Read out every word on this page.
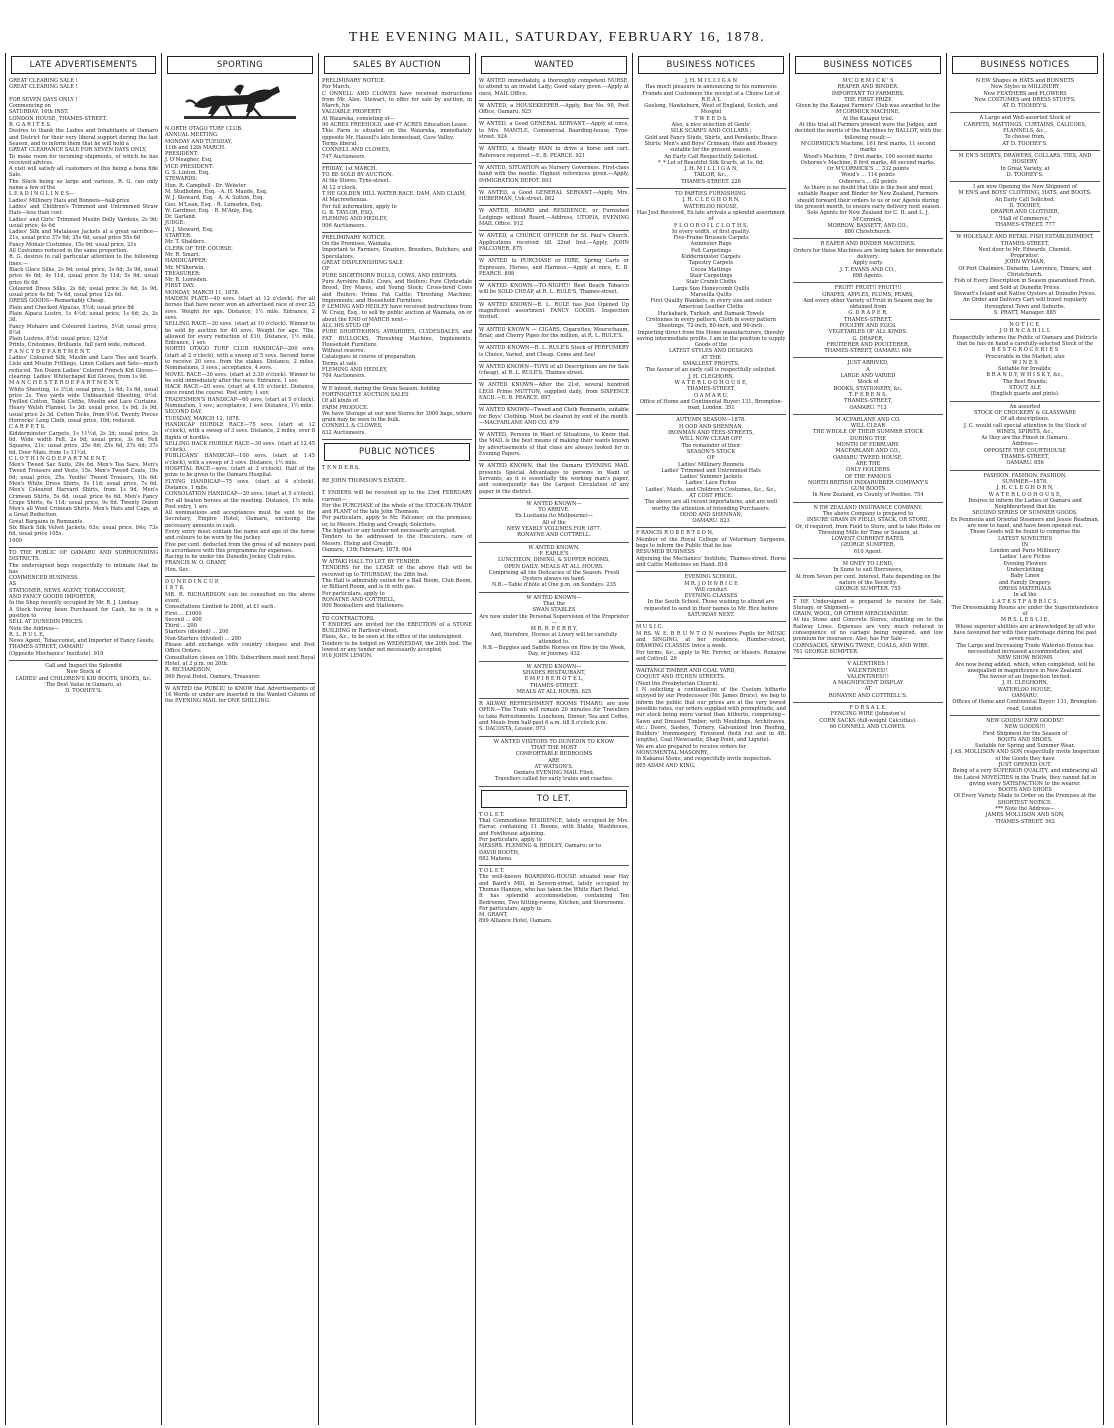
THE EVENING MAIL, SATURDAY, FEBRUARY 16, 1878.
LATE ADVERTISEMENTS
GREAT CLEARING SALE !
GREAT CLEARING SALE !

FOR SEVEN DAYS ONLY !
Commencing on
SATURDAY, 16th INST.
LONDON HOUSE, THAMES-STREET.
R. G A R I T E S
Desires to thank the Ladies and Inhabitants of Oamaru and District for their very liberal support during the last Season, and to inform them that he will hold a
GREAT CLEARANCE SALE FOR SEVEN DAYS ONLY,
To make room for incoming shipments, of which he has received advices.
A visit will satisfy all customers of this being a bona fide Sale.
The Stock being so large and various, R. G. can only name a few of the
L E A D I N G L I N E S—
Ladies' Millinery Hats and Bonnets—half-price
Ladies' and Children's Trimmed and Untrimmed Straw Hats—less than cost
Ladies' and Girls' Trimmed Muslin Dolly Vardens, 2s 9d; usual price, 4s 6d
Ladies' Silk and Matalasse Jackets at a great sacrifice—21s, usual price 37s 6d; 35s 6d, usual price 55s 6d
Fancy Mohair Costumes, 15s 9d; usual price, 21s
All Costumes reduced in the same proportion.
R. G. desires to call particular attention to the following lines:—
Black Glace Silks, 2s 9d; usual price, 3s 6d; 3s 9d, usual price 4s 6d; 4s 11d, usual price 5s 11d; 5s 9d, usual price 6s 6d
Coloured Dress Silks, 2s 6d; usual price 3s 6d; 3s 9d, usual price 4s 6d; 7s 6d, usual price 12s 6d.
DRESS GOODS—Remarkably Cheap.
Plain and Checked Alpacas, 5½d; usual price 8d
Plain Alpaca Lustre, 1s 4½d; usual price, 1s 6d; 2s, 2s 3d.
Fancy Mohairs and Coloured Lustres, 5½d; usual price, 8½d
Plain Lustres, 8½d; usual price, 12½d
Prints, Cretonnes, Brilliants, full yard wide, reduced.
F A N C Y D E P A R T M E N T.
Ladies' Coloured Silk, Muslin and Lace Ties and Scarfs. Lisle and Muslin Frillings, Linen Collars and Sets—much reduced. Ten Dozen Ladies' Colored French Kid Gloves—clearing. Ladies' Whitechapel Kid Gloves, from 1s 9d.
M A N C H E S T E R D E P A R T M E N T.
White Sheeting, 1s 3½d; usual price, 1s 6d; 1s 6d, usual price 2s. Two yards wide Unbleached Sheeting, 9½d. Twilled Cotton, Table Cloths, Muslin and Lace Curtains. Heavy Welsh Flannel, 1s 3d; usual price, 1s 9d; 1s 9d, usual price 2s 3d. Cotton Ticks, from 9½d. Twenty Pieces Horrocks' Long Cloth, usual price, 10d; reduced.
C A R P E T S.
Kidderminster Carpets, 1s 11½d, 2s 3d; usual price, 2s 6d. Wide width Felt, 2s 9d; usual price, 3s 6d. Felt Squares, 21s; usual price, 25s 6d; 25s 6d, 27s 6d; 37s 6d. Door Mats, from 1s 11½d.
C L O T H I N G D E P A R T M E N T.
Men's Tweed Sac Suits, 29s 6d. Men's Tea Sacs. Men's Tweed Trousers and Vests, 15s. Men's Tweed Coats, 19s 6d; usual price, 25s. Youths' Tweed Trousers, 10s 6d. Men's White Dress Shirts, 5s 11d; usual price, 7s 6d. Men's Coloured Harvard Shirts, from 1s 9d. Men's Crimean Shirts, 5s 6d, usual price 6s 6d. Men's Fancy Crape Shirts, 6s 11d; usual price, 9s 6d. Twenty Dozen Men's all Wool Crimean Shirts. Men's Hats and Caps, at a Great Reduction.
Great Bargains in Remnants.
Six Black Silk Velvet Jackets, 63s; usual price, 84s; 73s 6d, usual price 105s.
1000
TO THE PUBLIC OF OAMARU AND SURROUNDING DISTRICTS.
The undersigned begs respectfully to intimate that he has
COMMENCED BUSINESS
AS
STATIONER, NEWS AGENT, TOBACCONIST,
AND FANCY GOODS IMPORTER,
In the Shop recently occupied by Mr. R. J. Lindsay.
A Stock having been Purchased for Cash, he is in a position to
SELL AT DUNEDIN PRICES.
Note the Address—
R. L. R U L E,
News Agent, Tobacconist, and Importer of Fancy Goods,
THAMES-STREET, OAMARU
(Opposite Mechanics' Institute). 919
Call and Inspect the Splendid
New Stock of
LADIES' and CHILDREN'S KID BOOTS, SHOES, &c.
The Best Value in Oamaru, at
D. TOOHEY'S.
SPORTING
N ORTH OTAGO TURF CLUB.
ANNUAL MEETING.
MONDAY AND TUESDAY,
11th and 12th MARCH.
PRESIDENT:
J. O'Meagher, Esq.
VICE-PRESIDENT:
G. S. Linton, Esq.
STEWARDS:
Hon. R. Campbell · Dr. Webster
M. Studholme, Esq. · A. H. Maude, Esq.
W. J. Steward, Esq. · A. A. Sutton, Esq.
Geo. M'Lean, Esq. · R. Lumsden, Esq.
W. Gardiner, Esq. · R. M'Anly, Esq.
Dr. Garland.
JUDGE:
W. J. Steward, Esq.
STARTER:
Mr. T. Shalders.
CLERK OF THE COURSE:
Mr. R. Smart.
HANDICAPPER:
Mr. M'Sherwin.
TREASURER:
Mr. R. Lumsden.
FIRST DAY.
MONDAY, MARCH 11, 1878.
MAIDEN PLATE—40 sovs. (start at 12 o'clock). For all horses that have never won an advertised race of over 25 sovs. Weight for age. Distance, 1½ mile. Entrance, 2 sovs.
SELLING RACE—30 sovs. (start at 10 o'clock). Winner to be sold by auction for 40 sovs. Weight for age. 7lbs. allowed for every reduction of £10. Distance, 1½ mile. Entrance, 1 sov.
NORTH OTAGO TURF CLUB HANDICAP—200 sovs. (start at 2 o'clock), with a sweep of 5 sovs. Second horse to receive 20 sovs. from the stakes. Distance, 2 miles. Nominations, 3 sovs.; acceptance, 4 sovs.
NOVEL RACE—30 sovs. (start at 3.30 o'clock). Winner to be sold immediately after the race. Entrance, 1 sov.
HACK RACE—20 sovs. (start at 4.15 o'clock). Distance, once round the course. Post entry, 1 sov.
TRADESMEN'S HANDICAP—60 sovs. (start at 5 o'clock). Nomination, 1 sov.; acceptance, 1 sov. Distance, 1½ mile.
SECOND DAY.
TUESDAY, MARCH 12, 1878.
HANDICAP HURDLE RACE—75 sovs. (start at 12 o'clock), with a sweep of 3 sovs. Distance, 2 miles, over 8 flights of hurdles.
SELLING HACK HURDLE RACE—30 sovs. (start at 12.45 o'clock).
PUBLICANS' HANDICAP—100 sovs. (start at 1.45 o'clock), with a sweep of 3 sovs. Distance, 1½ mile.
HOSPITAL RACE—sovs. (start at 3 o'clock). Half of the prize to be given to the Oamaru Hospital.
FLYING HANDICAP—75 sovs. (start at 4 o'clock). Distance, 1 mile.
CONSOLATION HANDICAP—30 sovs. (start at 5 o'clock). For all beaten horses at the meeting. Distance, 1½ mile. Post entry, 1 sov.
All nominations and acceptances must be sent to the Secretary, Empire Hotel, Oamaru, enclosing the necessary amounts in cash.
Every entry must contain the name and age of the horse and colours to be worn by the jockey.
Five per cent. deducted from the gross of all moneys paid in accordance with this programme for expenses.
Racing to be under the Dunedin Jockey Club rules.
FRANCIS W. O. GRANT,
Hon. Sec.
D U N E D I N C U P.
1 8 7 8.
MR. R. RICHARDSON can be consulted on the above event.
Consultations Limited to 2000, at £1 each.
First ... £1000
Second ... 400
Third ... 200
Starters (divided) ... 200
Non-Starters (divided) ... 200
Please add exchange with country cheques and Post Office Orders.
Consultation closes on 19th. Subscribers meet next Royal Hotel, at 2 p.m. on 20th.
R. RICHARDSON,
560 Royal Hotel, Oamaru, Treasurer.
W ANTED the PUBLIC to KNOW that Advertisements of 16 Words or under are inserted in the Wanted Column of the EVENING MAIL for ONE SHILLING.
SALES BY AUCTION
PRELIMINARY NOTICE.
For March.
C ONNELL AND CLOWES have received instructions from Mr. Alex. Stewart, to offer for sale by auction, in March, his
VALUABLE PROPERTY
At Waiareka, consisting of—
90 ACRES FREEHOLD, and 47 ACRES Education Lease.
This Farm is situated on the Waiareka, immediately opposite Mr. Hassell's late homestead, Cave Valley.
Terms liberal.
CONNELL AND CLOWES,
747 Auctioneers.
FRIDAY, 1st MARCH.
TO BE SOLD BY AUCTION.
At the Stores, Tyne-street.
At 12 o'clock.
T HE GOLDEN HILL WATER-RACE, DAM, AND CLAIM,
At Macrewhenua.
For full information, apply to
G. B. TAYLOR, ESQ.
FLEMING AND HEDLEY,
906 Auctioneers.
PRELIMINARY NOTICE.
On the Premises, Waimata.
Important to Farmers, Graziers, Breeders, Butchers, and Speculators.
GREAT DISPLENISHING SALE
OF
PURE SHORTHORN BULLS, COWS, AND HEIFERS.
Pure Ayrshire Bulls, Cows, and Heifers; Pure Clydesdale Brood, Dry Mares, and Young Stock; Cross-bred Cows and Heifers; Prime Fat Cattle; Threshing Machine; Implements; and Household Furniture.
F LEMING AND HEDLEY have received instructions from W. Craig, Esq., to sell by public auction at Waimata, on or about the END of MARCH next—
ALL HIS STUD OF
PURE SHORTHORNS, AYRSHIRES, CLYDESDALES, and FAT BULLOCKS, Threshing Machine, Implements, Household Furniture.
Without reserve.
Catalogues in course of preparation.
Terms at sale.
FLEMING AND HEDLEY,
704 Auctioneers.
W E intend, during the Grain Season, holding
FORTNIGHTLY AUCTION SALES
Of all kinds of
FARM PRODUCE.
We have Storage at our new Stores for 3000 bags, where grain may be seen in the bulk.
CONNELL & CLOWES,
832 Auctioneers.
PUBLIC NOTICES
T E N D E R S.

RE JOHN THOMSON'S ESTATE.

T ENDERS will be received up to the 23rd FEBRUARY current—
For the PURCHASE of the whole of the STOCK-IN-TRADE and PLANT of the late John Thomson.
For particulars, apply to Mr. Falconer, on the premises; or, to Messrs. Hislop and Creagh, Solicitors.
The highest or any tender not necessarily accepted.
Tenders to be addressed to the Executors, care of Messrs. Hislop and Creagh.
Oamaru, 13th February, 1878. 904
W AITAKI HALL TO LET, BY TENDER.
TENDERS for the LEASE of the above Hall will be received up to THURSDAY, the 28th Inst.
The Hall is admirably suited for a Ball Room, Club Room, or Billiard Room, and is lit with gas.
For particulars, apply to
RONAYNE AND COTTRELL,
900 Booksellers and Stationers.
TO CONTRACTORS.
T ENDERS are invited for the ERECTION of a STONE BUILDING in Harbour-street.
Plans, &c., to be seen at the office of the undersigned.
Tenders to be lodged on WEDNESDAY, the 20th Inst. The lowest or any tender not necessarily accepted.
916 JOHN LEMON.
WANTED
W ANTED immediately, a thoroughly competent NURSE, to attend to an invalid Lady; Good salary given.—Apply at once, MAIL Office.
W ANTED, a HOUSEKEEPER.—Apply, Box No. 90, Post Office, Oamaru. 925
W ANTED, a Good GENERAL SERVANT.—Apply at once, to Mrs. MANTLE, Commercial Boarding-house, Tyne-street. 924
W ANTED, a Steady MAN to drive a horse and cart. Reference required.—E. B. PEARCE. 921
W ANTED, SITUATION as Nursery Governess. First-class hand with the needle. Highest references given.—Apply, IMMIGRATION DEPOT. 893
W ANTED, a Good GENERAL SERVANT.—Apply, Mrs. HEBERMAN, Usk-street. 862
W ANTED, BOARD and RESIDENCE, or Furnished Lodgings without Board.—Address, UTOPIA, EVENING MAIL Office. 912
W ANTED, a CHURCH OFFICER for St. Paul's Church. Applications received till 22nd Inst.—Apply, JOHN FALCONER. 875
W ANTED to PURCHASE or HIRE, Spring Carts or Expresses, Horses, and Harness.—Apply at once, E. B. PEARCE. 898
W ANTED KNOWN.—TO-NIGHT!! Best Beach Tobacco will be SOLD CHEAP, at R. L. RULE'S, Thames-street.
W ANTED KNOWN—R. L. RULE has Just Opened Up magnificent assortment FANCY GOODS. Inspection Invited.
W ANTED KNOWN — CIGARS, Cigarettes; Meerschaum, Briar, and Cherry Pipes for the million, at R. L. RULE'S.
W ANTED KNOWN—R. L. RULE'S Stock of PERFUMERY is Choice, Varied, and Cheap. Come and See!
W ANTED KNOWN—TOYS of all Descriptions are for Sale (cheap), at R. L. RULE'S, Thames-street.
W ANTED KNOWN—After the 21st, several hundred LEGS Prime MUTTON, supplied daily, from SIXPENCE EACH.—E. B. PEARCE. 897
W ANTED KNOWN—Tweed and Cloth Remnants, suitable for Boys' Clothing. Must be cleared by end of the month.—MACFARLANE AND CO. 879
W ANTED, Persons in Want of Situations, to Know that the MAIL is the best means of making their wants known by advertisements of that class are always looked for in Evening Papers.
W ANTED KNOWN, that the Oamaru EVENING MAIL presents Special Advantages to persons in Want of Servants, as it is essentially the working man's paper, and consequently has the Largest Circulation of any paper in the district.
W ANTED KNOWN—
TO ARRIVE.
Ex Lusitania (to Melbourne)—
All of the
NEW YEARLY VOLUMES FOR 1877.
RONAYNE AND COTTRELL.
W ANTED KNOWN.
F. EARLE'S
LUNCHEON, DINING, & SUPPER ROOMS,
OPEN DAILY. MEALS AT ALL HOURS.
Comprising all the Delicacies of the Season. Fresh Oysters always on hand.
N.B.—Table d'hôte at One p.m. on Sundays. 235
W ANTED KNOWN—
That the
SWAN STABLES
Are now under the Personal Supervision of the Proprietor—
M R. R. P E R R Y,
And, therefore, Horses at Livery will be carefully attended to.
N.B.—Buggies and Saddle Horses on Hire by the Week, Day, or Journey. 432
W ANTED KNOWN—
SHADES RESTAURANT,
E M P I R E H O T E L,
THAMES-STREET.
MEALS AT ALL HOURS. 625
R AILWAY REFRESHMENT ROOMS TIMARU, are now OPEN.—The Train will remain 20 minutes for Travellers to take Refreshments. Luncheon, Dinner, Tea and Coffee, and Meals from half-past 6 a.m. till 8 o'clock p.m.
S. DACOSTA, Lessee. 973
W ANTED VISITORS TO DUNEDIN TO KNOW
THAT THE MOST
COMFORTABLE BEDROOMS
ARE
AT WATSON'S.
Oamaru EVENING MAIL Filed.
Travellers called for early trains and coaches.
TO LET.
T O L E T.
That Commodious RESIDENCE, lately occupied by Mrs. Farrar, containing 11 Rooms, with Stable, Washhouse, and Fowlhouse adjoining.
For particulars, apply to
MESSRS. FLEMING & HEDLEY, Oamaru; or to
DAVID BOOTH,
882 Maheno.
T O L E T.
The well-known BOARDING-HOUSE situated near Hay and Baird's Mill, in Severn-street, lately occupied by Thomas Hannon, who has taken the White Hart Hotel.
It has splendid accommodation; containing Ten Bedrooms, Two Sitting-rooms, Kitchen, and Storerooms.
For particulars, apply to
M. GRANT,
899 Alliance Hotel, Oamaru.
BUSINESS NOTICES
J. H. M I L L I G A N
Has much pleasure in announcing to his numerous Friends and Customers the receipt of a Choice Lot of
R E A L
Geelong, Hawksburn, West of England, Scotch, and Mosgiel
T W E E D S.
Also, a nice selection of Gents'
SILK SCARFS AND COLLARS ;
Gold and Fancy Studs, Shirts, and Pendants; Brace Shirts; Men's and Boys' Crimean; Hats and Hosiery suitable for the present season.
An Early Call Respectfully Solicited.
*_* Lot of Beautiful Silk Scarfs, at 1s. 6d.
J. H. M I L L I G A N,
TAILOR, &c.,
THAMES-STREET. 226
TO PARTIES FURNISHING.
J. H. C L E G H O R N,
WATERLOO HOUSE,
Has Just Received, Ex late arrivals a splendid assortment of
F L O O R O I L C L O T H S,
In every width, of first quality.
Five-Frame Brussels Carpets
Axminster Rugs
Felt Carpetings
Kidderminster Carpets
Tapestry Carpets
Cocoa Mattings
Stair Carpetings
Stair Crumb Cloths
Large Size Honeycomb Quilts
Marseilla Quilts
First Quality Blankets, in every size and colour
American Leather Cloths
Huckaback, Turkish, and Damask Towels
Cretonnes in every pattern, Cloth in every pattern
Sheetings, 72-inch, 80-inch, and 90-inch.
Importing direct from the Home manufacturers, thereby saving intermediate profits, I am in the position to supply Goods of the
LATEST STYLES AND DESIGNS
AT THE
SMALLEST PROFITS.
The favour of an early call is respectfully solicited.
J. H. CLEGHORN,
W A T E R L O O H O U S E,
THAMES-STREET,
O A M A R U.
Office of Home and Continental Buyer: 131, Brompton-road, London. 351
AUTUMN SEASON—1878.
H OOD AND SHENNAN,
IRONMAN AND TEES-STREETS,
WILL NOW CLEAR OFF
The remainder of their
SEASON'S STOCK
OF
Ladies' Millinery Bonnets
Ladies' Trimmed and Untrimmed Hats
Ladies' Summer Jackets
Ladies' Lace Fichus
Ladies', Maids, and Children's Costumes, &c., &c.,
AT COST PRICE.
The above are all recent importations, and are well worthy the attention of Intending Purchasers.
HOOD AND SHENNAN,
OAMARU. 823
F RANCIS R O B E R T S O N,
Member of the Royal College of Veterinary Surgeons, begs to inform the Public that he has
RESUMED BUSINESS
Adjoining the Mechanics' Institute, Thames-street. Horse and Cattle Medicines on Hand. 816
EVENING SCHOOL.
M R. J O H N R I C E
Will conduct
EVENING CLASSES
In the South School. Those wishing to attend are requested to send in their names to Mr. Rice before SATURDAY NEXT.
M U S I C.
M RS. W. E. B R U N T O N receives Pupils for MUSIC and SINGING, at her residence, Humber-street, DRAWING CLASSES twice a week.
For terms, &c., apply to Mr. Ferrier, or Messrs. Ronayne and Cottrell. 29
WAITANGI TIMBER AND COAL YARD,
COQUET AND ITCHEN STREETS.
(Next the Presbyterian Church).
I N soliciting a continuation of the Custom hitherto enjoyed by our Predecessor (Mr. James Bruce), we beg to inform the public that our prices are at the very lowest possible rates, our orders supplied with promptitude, and our stock being more varied than hitherto, comprising—Sawn and Dressed Timber, with Mouldings, Architraves, etc.; Doors, Sashes, Turnery, Galvanized Iron Roofing, Builders' Ironmongery, Firewood (both cut and in 4ft. lengths), Coal (Newcastle, Shag Point, and Lignite).
We are also prepared to receive orders for
MONUMENTAL MASONRY,
In Kakanui Stone, and respectfully invite inspection.
865 ADAM AND KING.
BUSINESS NOTICES
M'C O R M I C K ' S
REAPER AND BINDER.
IMPORTANT TO FARMERS.
THE FIRST PRIZE
Given by the Kaiapoi Farmers' Club was awarded to the
M'CORMICK MACHINE,
At the Kaiapoi trial.
At this trial all Farmers present were the Judges, and decided the merits of the Machines by BALLOT, with the following result:—
M'CORMICK'S Machine, 161 first marks, 11 second marks
Wood's Machine, 7 first marks, 100 second marks
Osborne's Machine, 8 first marks, 46 second marks.
Or M'CORMICK'S ... 332 points
Wood's ... 114 points
Osborne's ... 62 points
As there is no doubt that this is the best and most suitable Reaper and Binder for New Zealand, Farmers should forward their orders to us or our Agents during the present month, to ensure early delivery next season.
Sole Agents for New Zealand for C. H. and L. J. M'Cormick,
MORROW, BASSETT, AND CO.,
880 Christchurch.
R EAPER AND BINDER MACHINES.
Orders for these Machines are being taken for immediate delivery.
Apply early.
J. T. EVANS AND CO.,
698 Agents.
FRUIT! FRUIT!! FRUIT!!!
GRAPES, APPLES, PLUMS, PEARS,
And every other Variety of Fruit in Season may be obtained from
G. D R A P E R,
THAMES-STREET.
POULTRY AND EGGS.
VEGETABLES OF ALL KINDS.
G. DRAPER,
FRUITERER AND POULTERER,
THAMES-STREET, OAMARU. 606
JUST ARRIVED,
A
LARGE AND VARIED
Stock of
BOOKS, STATIONERY, &c.
T. F E R E N S,
THAMES-STREET,
OAMARU. 713
M ACFARLANE AND CO.
WILL CLEAR
THE WHOLE OF THEIR SUMMER STOCK
DURING THE
MONTH OF FEBRUARY.
MACFARLANE AND CO.,
OAMARU TWEED HOUSE,
ARE THE
ONLY HOLDERS
OF THE FAMOUS
NORTH BRITISH INDIARUBBER COMPANY'S
GUM BOOTS
In New Zealand, ex County of Peebles. 754
N EW ZEALAND INSURANCE COMPANY.
The above Company is prepared to
INSURE GRAIN IN FIELD, STACK, OR STORE.
Or, if required, from Field to Store, and to take Risks on Threshing Mills for Time or Season, at
LOWEST CURRENT RATES.
GEORGE SUMPTER,
610 Agent.
M ONEY TO LEND,
In Sums to suit Borrowers,
At from Seven per cent. interest. Rate depending on the nature of the Security.
GEORGE SUMPTER. 755
T HE Undersigned is prepared to receive for Sale, Storage, or Shipment—
GRAIN, WOOL, OR OTHER MERCHANDISE.
At his Stone and Concrete Stores, shunting on to the Railway Lines. Expenses are very much reduced in consequence of no cartage being required, and low premium for insurance. Also, has For Sale—
CORNSACKS, SEWING TWINE, COALS, AND WIRE.
761 GEORGE SUMPTER.
V ALENTINES !
VALENTINES!!
VALENTINES!!!
A MAGNIFICENT DISPLAY
AT
RONAYNE AND COTTRELL'S.
F O R S A L E.
FENCING WIRE (Johnston's)
CORN SACKS (full-weight Calcuttas).
60 CONNELL AND CLOWES.
BUSINESS NOTICES
N EW Shapes in HATS and BONNETS
New Styles in MILLINERY
New FEATHERS and FLOWERS
New COSTUMES and DRESS STUFFS,
AT D. TOOHEY'S.
A Large and Well-assorted Stock of
CARPETS, MATTINGS, CURTAINS, CALICOES, FLANNELS, &c.,
To choose from,
AT D. TOOHEY'S.
M EN'S SHIRTS, DRAWERS, COLLARS, TIES, AND HOSIERY,
In Great Variety, at
D. TOOHEY'S.
I am now Opening the New Shipment of
M EN'S and BOYS' CLOTHING, HATS, and BOOTS.
An Early Call Solicited.
D. TOOHEY,
DRAPER AND CLOTHIER,
"Hall of Commerce,"
THAMES-STREET. 777
W HOLESALE AND RETAIL FISH ESTABLISHMENT,
THAMES-STREET,
Next door to Mr. Edwards, Chemist.
Proprietor:
JOHN WYMAN,
Of Port Chalmers, Dunedin, Lawrence, Timaru, and Christchurch.
Fish of Every Description in Season guaranteed Fresh, and Sold at Dunedin Prices.
Stewart's Island and Native Oysters at Dunedin Prices.
An Order and Delivery Cart will travel regularly throughout Town and Suburbs.
S. PRATT, Manager. 885
N O T I C E.
J O H N C A H I L L
Respectfully informs the Public of Oamaru and Districts that he has on hand a carefully-selected Stock of the
B E S T G R O C E R I E S
Procurable in the Market; also
W I N E S
Suitable for Invalids;
B R A N D Y, W H I S K Y, &c.,
The Best Brands;
STOUT, ALE
(English quarts and pints).
An assorted
STOCK OF CROCKERY & GLASSWARE
Of all descriptions.
J. C. would call special attention to the Stock of
WINES, SPIRITS, &c.,
As they are the Finest in Oamaru.
Address—
OPPOSITE THE COURTHOUSE
THAMES-STREET,
OAMARU. 856
FASHION. FASHION. FASHION.
SUMMER—1878.
J. H. C L E G H O R N,
W A T E R L O O H O U S E,
Desires to inform the Ladies of Oamaru and Neighbourhood that his
SECOND SERIES OF SUMMER GOODS,
Ex Peninsula and Oriental Steamers and Jessie Readman, are now to hand, and have been opened out.
These Goods will be found to comprise the
LATEST NOVELTIES
IN
London and Paris Millinery
Ladies' Lace Fichus
Evening Flowers
Underclothing
Baby Linen
and Family Drapery.
DRESS MATERIALS
In all the
L A T E S T F A B R I C S.
The Dressmaking Rooms are under the Superintendence of
M R S. L E S L I E,
Whose superior abilities are acknowledged by all who have favoured her with their patronage during the past seven years.
The Large and Increasing Trade Waterloo House has necessitated increased accommodation, and
NEW SHOW ROOMS
Are now being added, which, when completed, will be unequalled in magnificence in New Zealand.
The favour of an Inspection Invited.
J. H. CLEGHORN,
WATERLOO HOUSE,
OAMARU.
Offices of Home and Continental Buyer: 131, Brompton-road, London.
NEW GOODS! NEW GOODS!!
NEW GOODS!!!
First Shipment for the Season of
BOOTS AND SHOES,
Suitable for Spring and Summer Wear.
J AS. MOLLISON AND SON respectfully invite Inspection of the Goods they have
JUST OPENED OUT.
Being of a very SUPERIOR QUALITY, and embracing all the Latest NOVELTIES in the Trade, they cannot fail in giving every SATISFACTION to the wearer.
BOOTS AND SHOES
Of Every Variety Made to Order on the Premises at the
SHORTEST NOTICE.
*** Note the Address—
JAMES MOLLISON AND SON,
THAMES-STREET. 562
